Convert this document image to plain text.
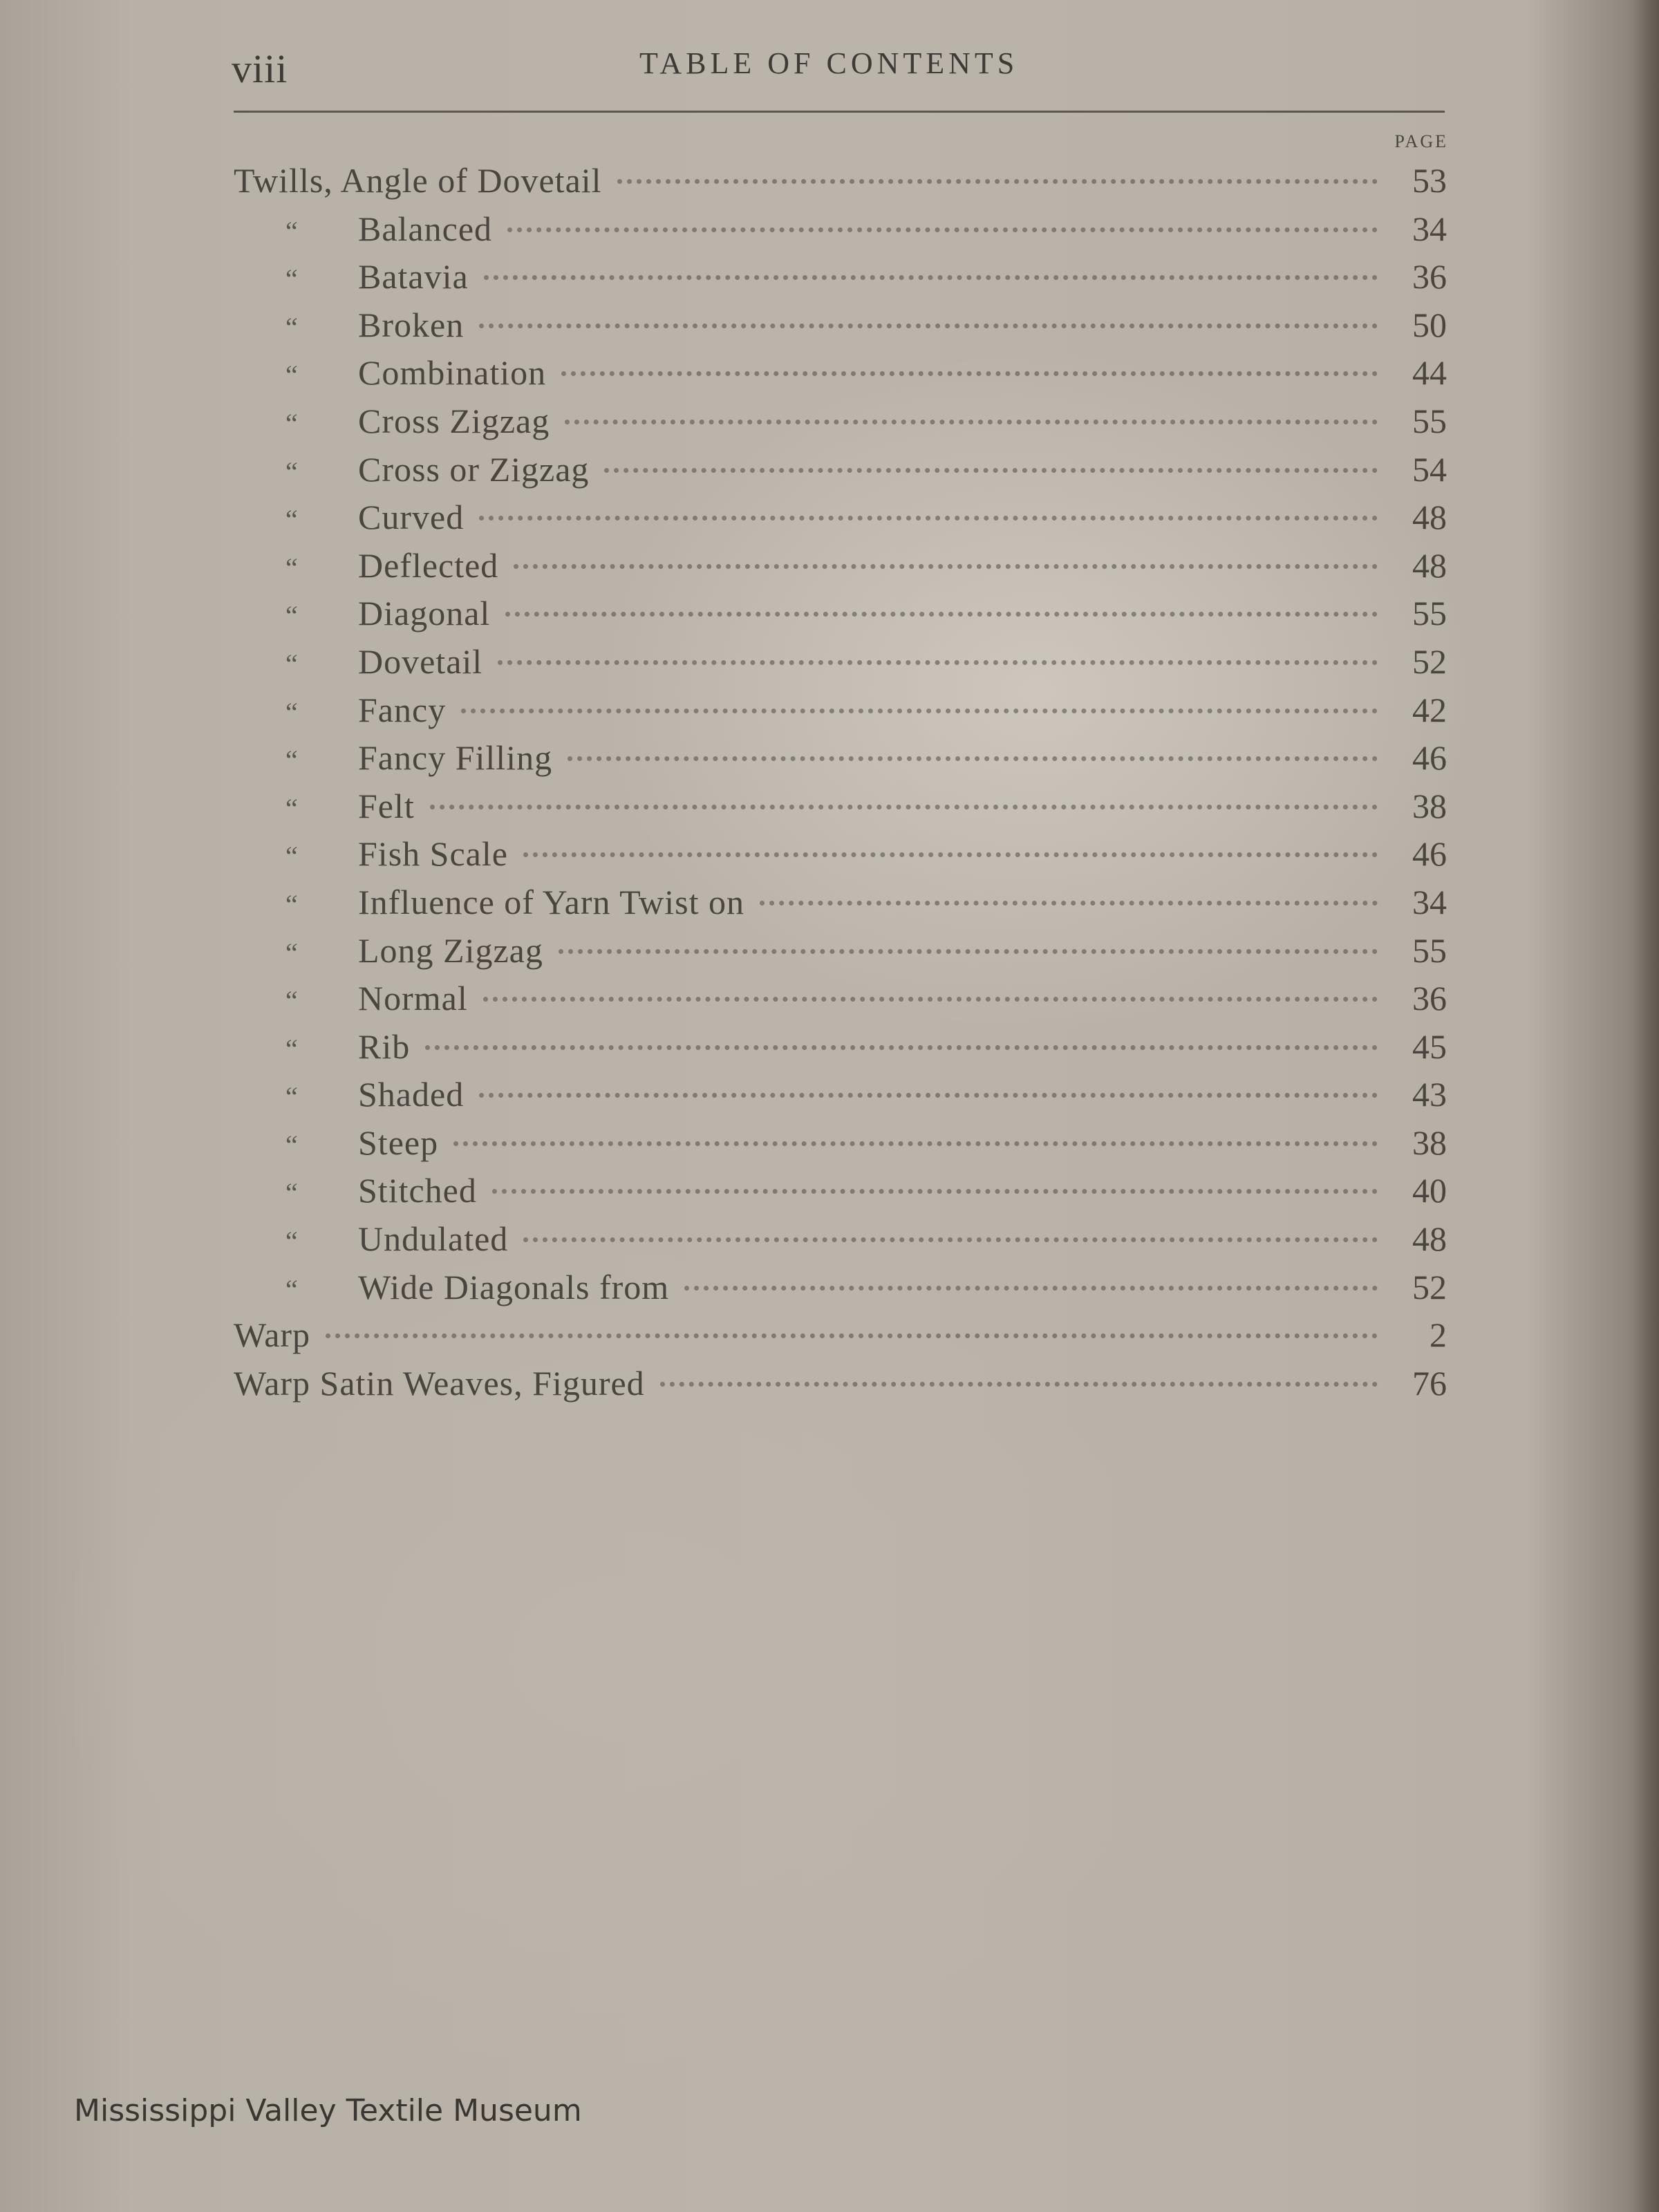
viii	TABLE OF CONTENTS
PAGE
Twills, Angle of Dovetail	53
“	Balanced	34
“	Batavia	36
“	Broken	50
“	Combination	44
“	Cross Zigzag	55
“	Cross or Zigzag	54
“	Curved	48
“	Deflected	48
“	Diagonal	55
“	Dovetail	52
“	Fancy	42
“	Fancy Filling	46
“	Felt	38
“	Fish Scale	46
“	Influence of Yarn Twist on	34
“	Long Zigzag	55
“	Normal	36
“	Rib	45
“	Shaded	43
“	Steep	38
“	Stitched	40
“	Undulated	48
“	Wide Diagonals from	52
Warp	2
Warp Satin Weaves, Figured	76
Mississippi Valley Textile Museum
